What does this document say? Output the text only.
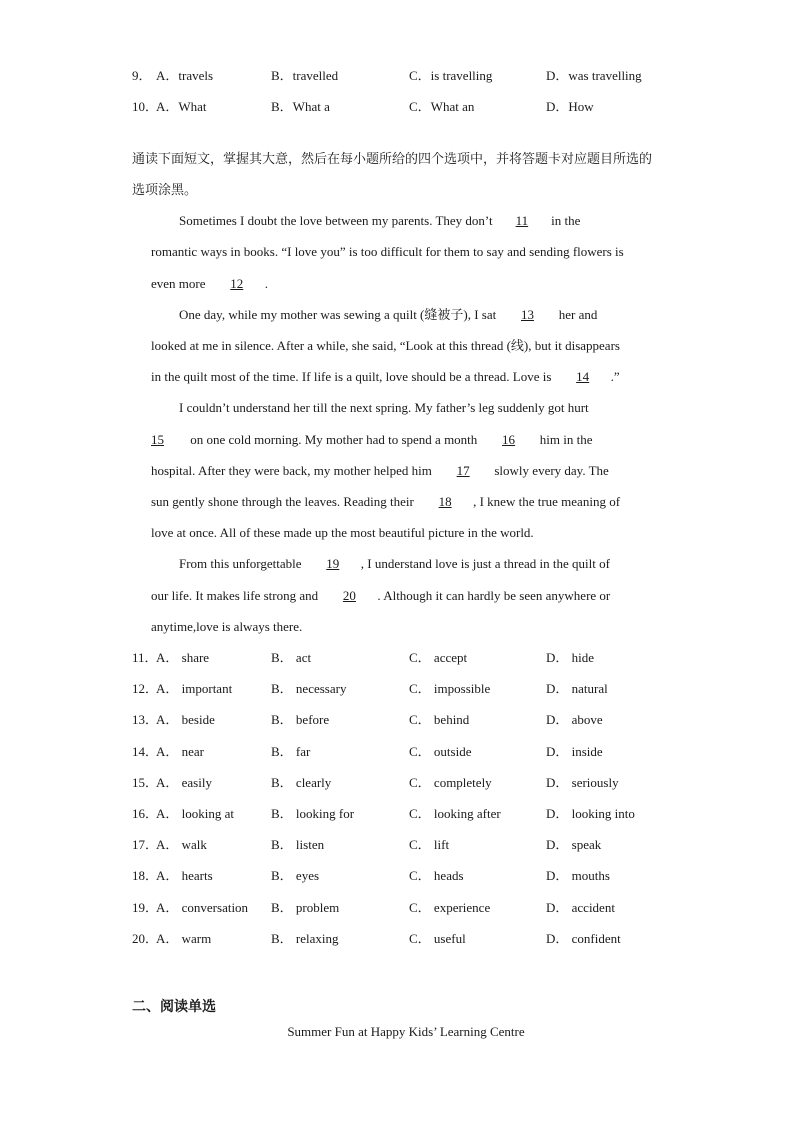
9． A．travels	B．travelled	C．is travelling	D．was travelling
10．
A．What	B．What a	C．What an	D．How
通读下面短文，掌握其大意，然后在每小题所给的四个选项中，并将答题卡对应题目所选的选项涂黑。
Sometimes I doubt the love between my parents. They don’t 11 in the
romantic ways in books. “I love you” is too difficult for them to say and sending flowers is
even more 12 .
One day, while my mother was sewing a quilt (缝被子), I sat 13 her and
looked at me in silence. After a while, she said, “Look at this thread (线), but it disappears
in the quilt most of the time. If life is a quilt, love should be a thread. Love is 14 .”
I couldn’t understand her till the next spring. My father’s leg suddenly got hurt
15 on one cold morning. My mother had to spend a month 16 him in the
hospital. After they were back, my mother helped him 17 slowly every day. The
sun gently shone through the leaves. Reading their 18 , I knew the true meaning of
love at once. All of these made up the most beautiful picture in the world.
From this unforgettable 19 , I understand love is just a thread in the quilt of
our life. It makes life strong and 20 . Although it can hardly be seen anywhere or
anytime,love is always there.
11．
A． share	B． act	C． accept	D． hide
12．
A． important	B． necessary	C． impossible	D． natural
13．
A． beside	B． before	C． behind	D． above
14．
A． near	B． far	C． outside	D． inside
15．
A． easily	B． clearly	C． completely	D． seriously
16．
A． looking at	B． looking for	C． looking after	D． looking into
17．
A． walk	B． listen	C． lift	D． speak
18．
A． hearts	B． eyes	C． heads	D． mouths
19．
A． conversation B． problem	C． experience	D． accident
20．
A． warm	B． relaxing	C． useful	D． confident
二、阅读单选
Summer Fun at Happy Kids’ Learning Centre
